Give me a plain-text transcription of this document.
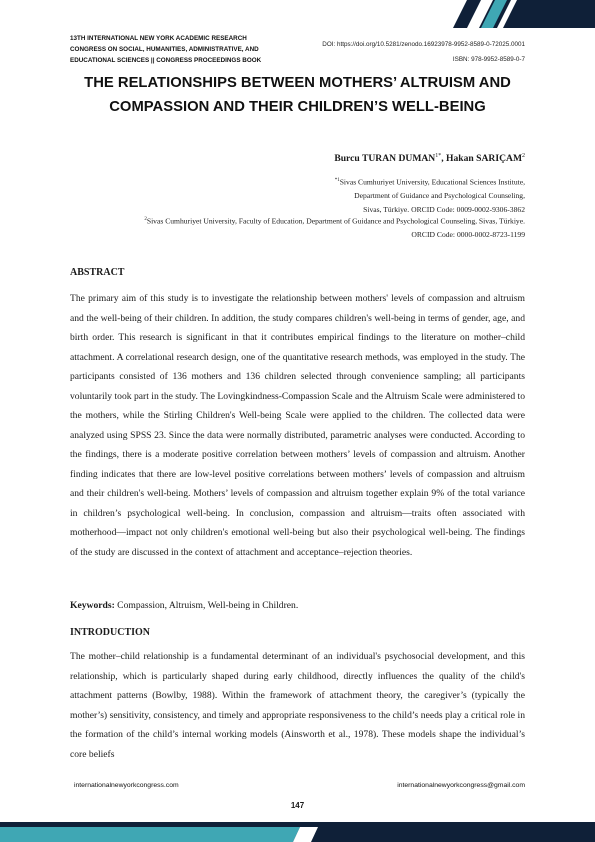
13TH INTERNATIONAL NEW YORK ACADEMIC RESEARCH
CONGRESS ON SOCIAL, HUMANITIES, ADMINISTRATIVE, AND
EDUCATIONAL SCIENCES || CONGRESS PROCEEDINGS BOOK
DOI: https://doi.org/10.5281/zenodo.16923978-9952-8589-0-72025.0001
ISBN: 978-9952-8589-0-7
THE RELATIONSHIPS BETWEEN MOTHERS’ ALTRUISM AND
COMPASSION AND THEIR CHILDREN’S WELL-BEING
Burcu TURAN $DUMAN^{1*}$, Hakan SARIÇAM$^2$
$^{*1}$Sivas Cumhuriyet University, Educational Sciences Institute,
Department of Guidance and Psychological Counseling,
Sivas, Türkiye. ORCID Code: 0009-0002-9306-3862
$^2$Sivas Cumhuriyet University, Faculty of Education, Department of Guidance and Psychological Counseling, Sivas, Türkiye.
ORCID Code: 0000-0002-8723-1199
ABSTRACT

The primary aim of this study is to investigate the relationship between mothers' levels of compassion and altruism and the well-being of their children. In addition, the study compares children's well-being in terms of gender, age, and birth order. This research is significant in that it contributes empirical findings to the literature on mother–child attachment. A correlational research design, one of the quantitative research methods, was employed in the study. The participants consisted of 136 mothers and 136 children selected through convenience sampling; all participants voluntarily took part in the study. The Lovingkindness-Compassion Scale and the Altruism Scale were administered to the mothers, while the Stirling Children's Well-being Scale were applied to the children. The collected data were analyzed using SPSS 23. Since the data were normally distributed, parametric analyses were conducted. According to the findings, there is a moderate positive correlation between mothers’ levels of compassion and altruism. Another finding indicates that there are low-level positive correlations between mothers’ levels of compassion and altruism and their children's well-being. Mothers’ levels of compassion and altruism together explain 9% of the total variance in children’s psychological well-being. In conclusion, compassion and altruism—traits often associated with motherhood—impact not only children's emotional well-being but also their psychological well-being. The findings of the study are discussed in the context of attachment and acceptance–rejection theories.

Keywords: Compassion, Altruism, Well-being in Children.
INTRODUCTION

The mother–child relationship is a fundamental determinant of an individual's psychosocial development, and this relationship, which is particularly shaped during early childhood, directly influences the quality of the child's attachment patterns (Bowlby, 1988). Within the framework of attachment theory, the caregiver’s (typically the mother’s) sensitivity, consistency, and timely and appropriate responsiveness to the child’s needs play a critical role in the formation of the child’s internal working models (Ainsworth et al., 1978). These models shape the individual’s core beliefs

internationalnewyorkcongress.com	internationalnewyorkcongress@gmail.com
147
